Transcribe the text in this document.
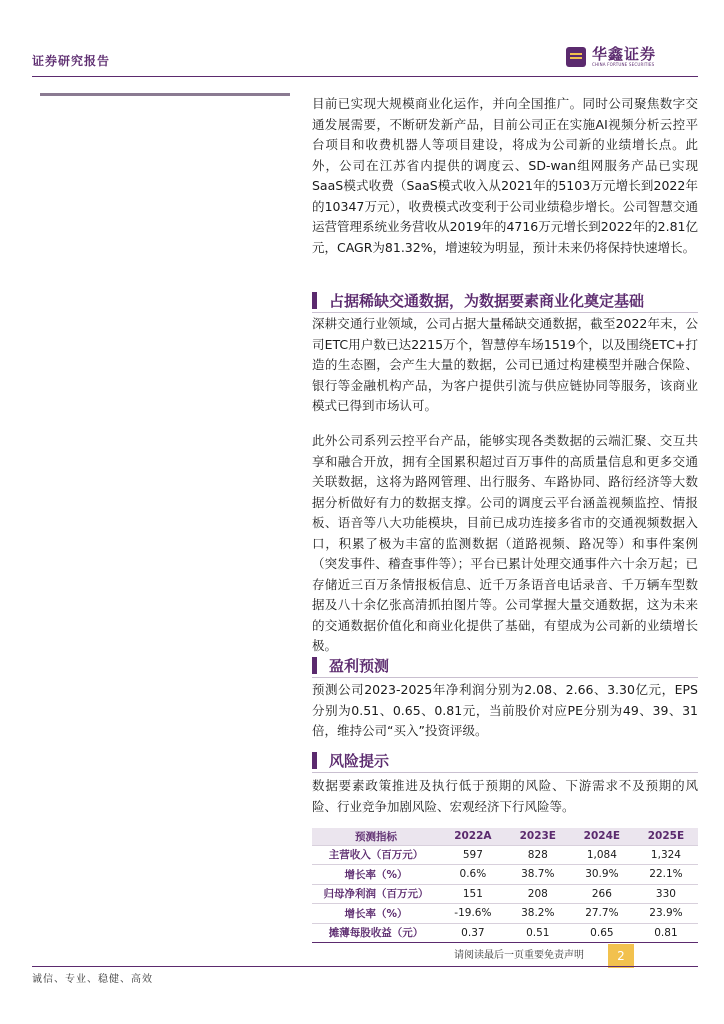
证券研究报告	华鑫证券
CHINA FORTUNE SECURITIES

目前已实现大规模商业化运作，并向全国推广。同时公司聚焦数字交通发展需要，不断研发新产品，目前公司正在实施AI视频分析云控平台项目和收费机器人等项目建设，将成为公司新的业绩增长点。此外，公司在江苏省内提供的调度云、SD-wan组网服务产品已实现SaaS模式收费（SaaS模式收入从2021年的5103万元增长到2022年的10347万元），收费模式改变利于公司业绩稳步增长。公司智慧交通运营管理系统业务营收从2019年的4716万元增长到2022年的2.81亿元，CAGR为81.32%，增速较为明显，预计未来仍将保持快速增长。

占据稀缺交通数据，为数据要素商业化奠定基础

深耕交通行业领域，公司占据大量稀缺交通数据，截至2022年末，公司ETC用户数已达2215万个，智慧停车场1519个，以及围绕ETC+打造的生态圈，会产生大量的数据，公司已通过构建模型并融合保险、银行等金融机构产品，为客户提供引流与供应链协同等服务，该商业模式已得到市场认可。

此外公司系列云控平台产品，能够实现各类数据的云端汇聚、交互共享和融合开放，拥有全国累积超过百万事件的高质量信息和更多交通关联数据，这将为路网管理、出行服务、车路协同、路衍经济等大数据分析做好有力的数据支撑。公司的调度云平台涵盖视频监控、情报板、语音等八大功能模块，目前已成功连接多省市的交通视频数据入口，积累了极为丰富的监测数据（道路视频、路况等）和事件案例（突发事件、稽查事件等）；平台已累计处理交通事件六十余万起；已存储近三百万条情报板信息、近千万条语音电话录音、千万辆车型数据及八十余亿张高清抓拍图片等。公司掌握大量交通数据，这为未来的交通数据价值化和商业化提供了基础，有望成为公司新的业绩增长极。

盈利预测

预测公司2023-2025年净利润分别为2.08、2.66、3.30亿元，EPS分别为0.51、0.65、0.81元，当前股价对应PE分别为49、39、31倍，维持公司“买入”投资评级。

风险提示

数据要素政策推进及执行低于预期的风险、下游需求不及预期的风险、行业竞争加剧风险、宏观经济下行风险等。

预测指标	2022A	2023E	2024E	2025E
主营收入（百万元）	597	828	1,084	1,324
增长率（%）	0.6%	38.7%	30.9%	22.1%
归母净利润（百万元）	151	208	266	330
增长率（%）	-19.6%	38.2%	27.7%	23.9%
摊薄每股收益（元）	0.37	0.51	0.65	0.81
请阅读最后一页重要免责声明	2
诚信、专业、稳健、高效
